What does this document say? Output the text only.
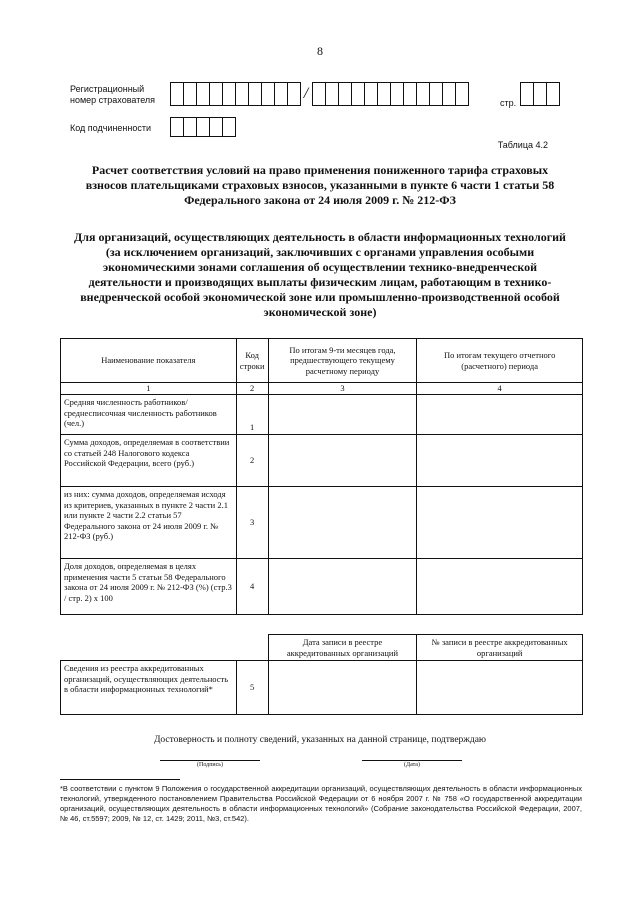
8
Регистрационный
номер страхователя	/
стр.
Код подчиненности
Таблица 4.2
Расчет соответствия условий на право применения пониженного тарифа страховых взносов плательщиками страховых взносов, указанными в пункте 6 части 1 статьи 58 Федерального закона от 24 июля 2009 г. № 212-ФЗ
Для организаций, осуществляющих деятельность в области информационных технологий (за исключением организаций, заключивших с органами управления особыми экономическими зонами соглашения об осуществлении технико-внедренческой деятельности и производящих выплаты физическим лицам, работающим в технико-внедренческой особой экономической зоне или промышленно-производственной особой экономической зоне)
Наименование показателя	Код строки	По итогам 9-ти месяцев года, предшествующего текущему расчетному периоду	По итогам текущего отчетного (расчетного) периода
1	2	3	4
Средняя численность работников/ среднесписочная численность работников (чел.)	1		
Сумма доходов, определяемая в соответствии со статьей 248 Налогового кодекса Российской Федерации, всего (руб.)	2		
из них: сумма доходов, определяемая исходя из критериев, указанных в пункте 2 части 2.1 или пункте 2 части 2.2 статьи 57 Федерального закона от 24 июля 2009 г. № 212-ФЗ (руб.)	3		
Доля доходов, определяемая в целях применения части 5 статьи 58 Федерального закона от 24 июля 2009 г. № 212-ФЗ (%) (стр.3 / стр. 2) х 100	4		
		Дата записи в реестре аккредитованных организаций	№ записи в реестре аккредитованных организаций
Сведения из реестра аккредитованных организаций, осуществляющих деятельность в области информационных технологий*	5		
Достоверность и полноту сведений, указанных на данной странице, подтверждаю
(Подпись)	(Дата)
*В соответствии с пунктом 9 Положения о государственной аккредитации организаций, осуществляющих деятельность в области информационных технологий, утвержденного постановлением Правительства Российской Федерации от 6 ноября 2007 г. № 758 «О государственной аккредитации организаций, осуществляющих деятельность в области информационных технологий» (Собрание законодательства Российской Федерации, 2007, № 46, ст.5597; 2009, № 12, ст. 1429; 2011, №3, ст.542).
